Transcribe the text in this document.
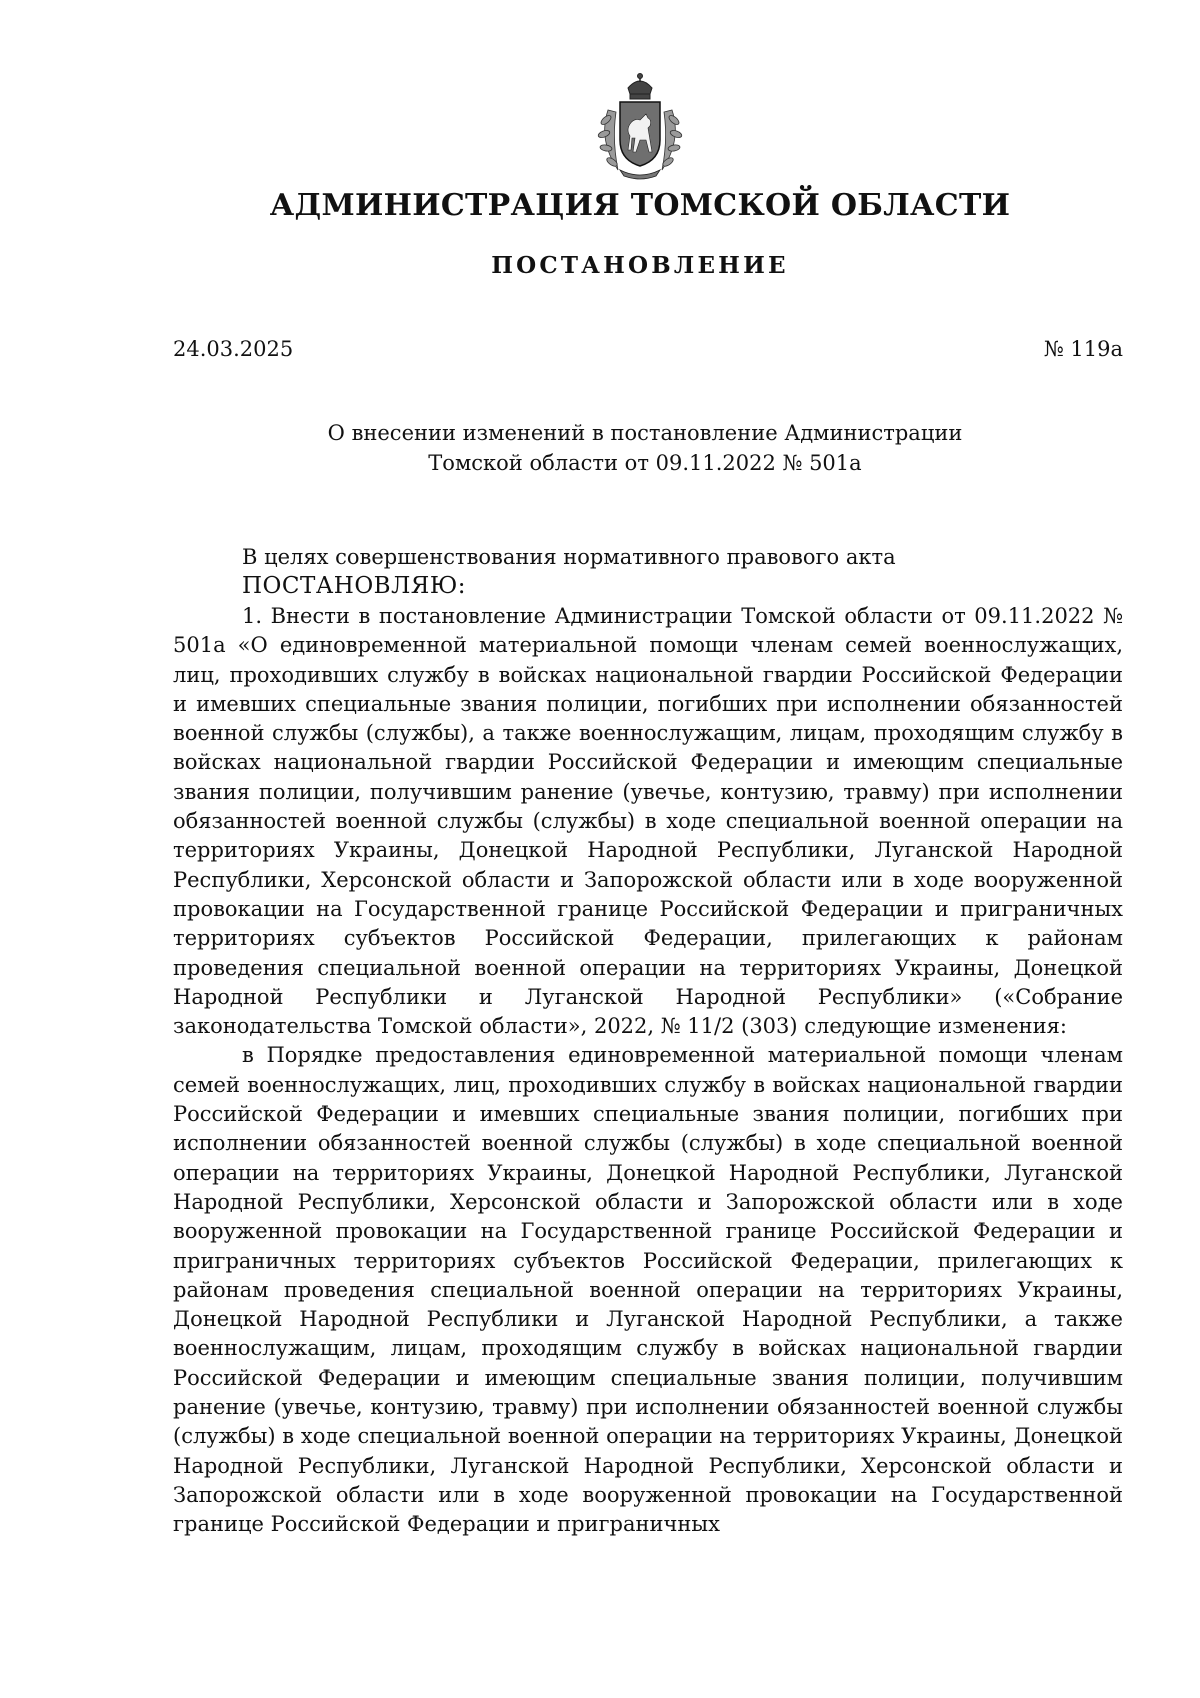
АДМИНИСТРАЦИЯ ТОМСКОЙ ОБЛАСТИ
ПОСТАНОВЛЕНИЕ
24.03.2025	№ 119а
О внесении изменений в постановление Администрации
Томской области от 09.11.2022 № 501а
В целях совершенствования нормативного правового акта
ПОСТАНОВЛЯЮ:

1. Внести в постановление Администрации Томской области от 09.11.2022 № 501а «О единовременной материальной помощи членам семей военнослужащих, лиц, проходивших службу в войсках национальной гвардии Российской Федерации и имевших специальные звания полиции, погибших при исполнении обязанностей военной службы (службы), а также военнослужащим, лицам, проходящим службу в войсках национальной гвардии Российской Федерации и имеющим специальные звания полиции, получившим ранение (увечье, контузию, травму) при исполнении обязанностей военной службы (службы) в ходе специальной военной операции на территориях Украины, Донецкой Народной Республики, Луганской Народной Республики, Херсонской области и Запорожской области или в ходе вооруженной провокации на Государственной границе Российской Федерации и приграничных территориях субъектов Российской Федерации, прилегающих к районам проведения специальной военной операции на территориях Украины, Донецкой Народной Республики и Луганской Народной Республики» («Собрание законодательства Томской области», 2022, № 11/2 (303) следующие изменения:

в Порядке предоставления единовременной материальной помощи членам семей военнослужащих, лиц, проходивших службу в войсках национальной гвардии Российской Федерации и имевших специальные звания полиции, погибших при исполнении обязанностей военной службы (службы) в ходе специальной военной операции на территориях Украины, Донецкой Народной Республики, Луганской Народной Республики, Херсонской области и Запорожской области или в ходе вооруженной провокации на Государственной границе Российской Федерации и приграничных территориях субъектов Российской Федерации, прилегающих к районам проведения специальной военной операции на территориях Украины, Донецкой Народной Республики и Луганской Народной Республики, а также военнослужащим, лицам, проходящим службу в войсках национальной гвардии Российской Федерации и имеющим специальные звания полиции, получившим ранение (увечье, контузию, травму) при исполнении обязанностей военной службы (службы) в ходе специальной военной операции на территориях Украины, Донецкой Народной Республики, Луганской Народной Республики, Херсонской области и Запорожской области или в ходе вооруженной провокации на Государственной границе Российской Федерации и приграничных
